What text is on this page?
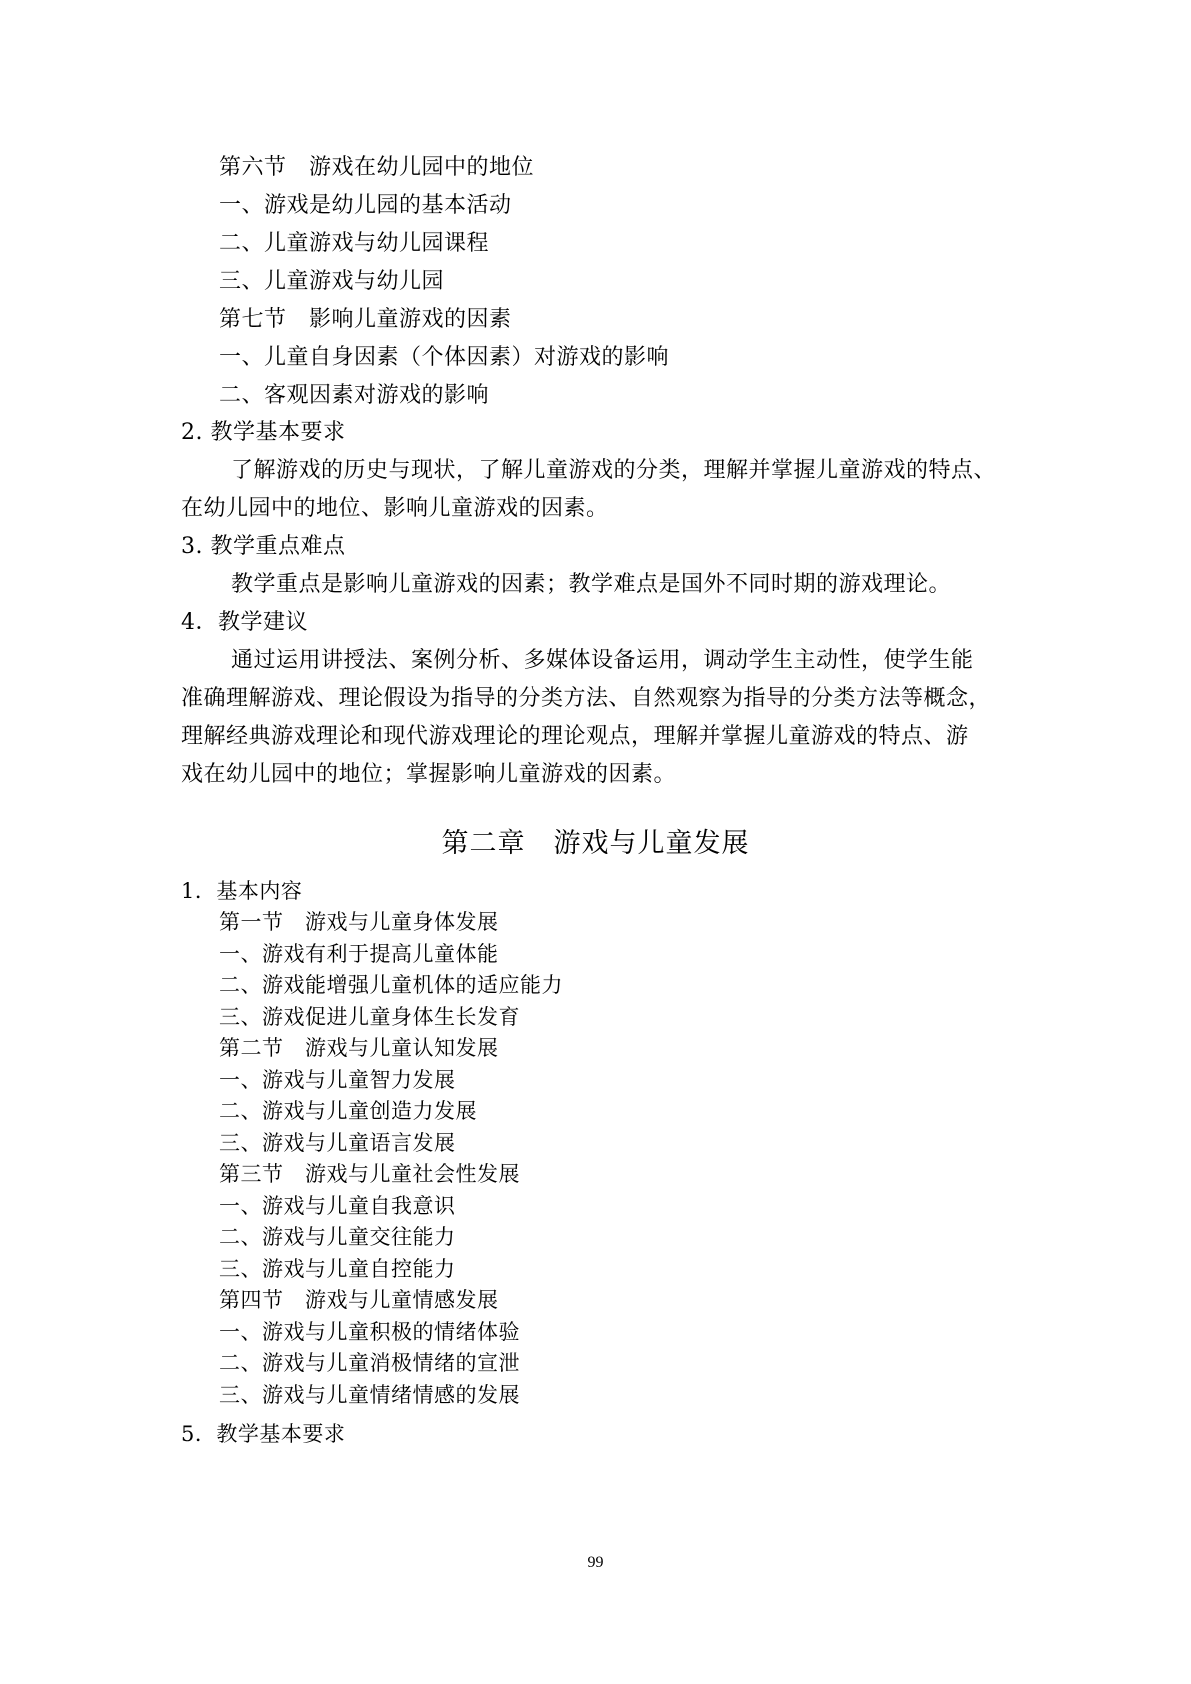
第六节　游戏在幼儿园中的地位
一、游戏是幼儿园的基本活动
二、儿童游戏与幼儿园课程
三、儿童游戏与幼儿园
第七节　影响儿童游戏的因素
一、儿童自身因素（个体因素）对游戏的影响
二、客观因素对游戏的影响
2. 教学基本要求
了解游戏的历史与现状，了解儿童游戏的分类，理解并掌握儿童游戏的特点、
在幼儿园中的地位、影响儿童游戏的因素。
3. 教学重点难点
教学重点是影响儿童游戏的因素；教学难点是国外不同时期的游戏理论。
4．教学建议
通过运用讲授法、案例分析、多媒体设备运用，调动学生主动性，使学生能
准确理解游戏、理论假设为指导的分类方法、自然观察为指导的分类方法等概念，
理解经典游戏理论和现代游戏理论的理论观点，理解并掌握儿童游戏的特点、游
戏在幼儿园中的地位；掌握影响儿童游戏的因素。
第二章　游戏与儿童发展
1．基本内容
第一节　游戏与儿童身体发展
一、游戏有利于提高儿童体能
二、游戏能增强儿童机体的适应能力
三、游戏促进儿童身体生长发育
第二节　游戏与儿童认知发展
一、游戏与儿童智力发展
二、游戏与儿童创造力发展
三、游戏与儿童语言发展
第三节　游戏与儿童社会性发展
一、游戏与儿童自我意识
二、游戏与儿童交往能力
三、游戏与儿童自控能力
第四节　游戏与儿童情感发展
一、游戏与儿童积极的情绪体验
二、游戏与儿童消极情绪的宣泄
三、游戏与儿童情绪情感的发展
5．教学基本要求
99
